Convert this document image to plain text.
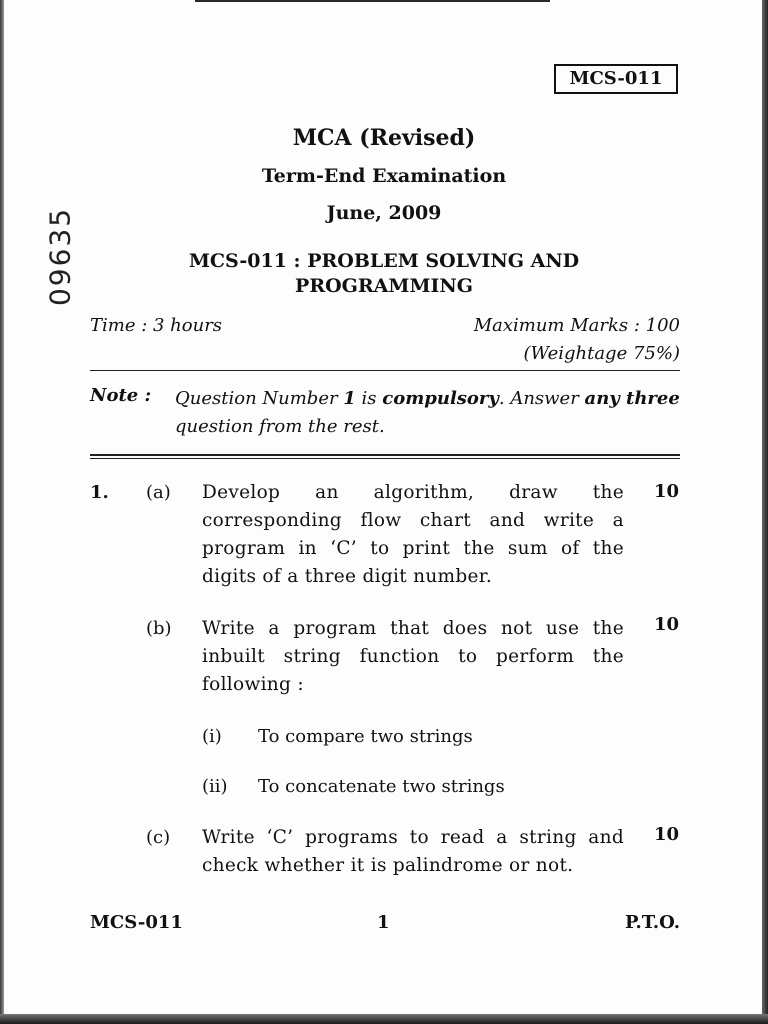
MCS-011
09635
MCA (Revised)
Term-End Examination
June, 2009
MCS-011 : PROBLEM SOLVING AND
PROGRAMMING
Time : 3 hours	Maximum Marks : 100
(Weightage 75%)
Note : Question Number 1 is compulsory. Answer any three
question from the rest.
1. (a) Develop an algorithm, draw the corresponding flow chart and write a program in ‘C’ to print the sum of the digits of a three digit number.
10
(b) Write a program that does not use the inbuilt string function to perform the following :
10
(i) To compare two strings
(ii) To concatenate two strings
(c) Write ‘C’ programs to read a string and check whether it is palindrome or not.
10
MCS-011	1	P.T.O.
